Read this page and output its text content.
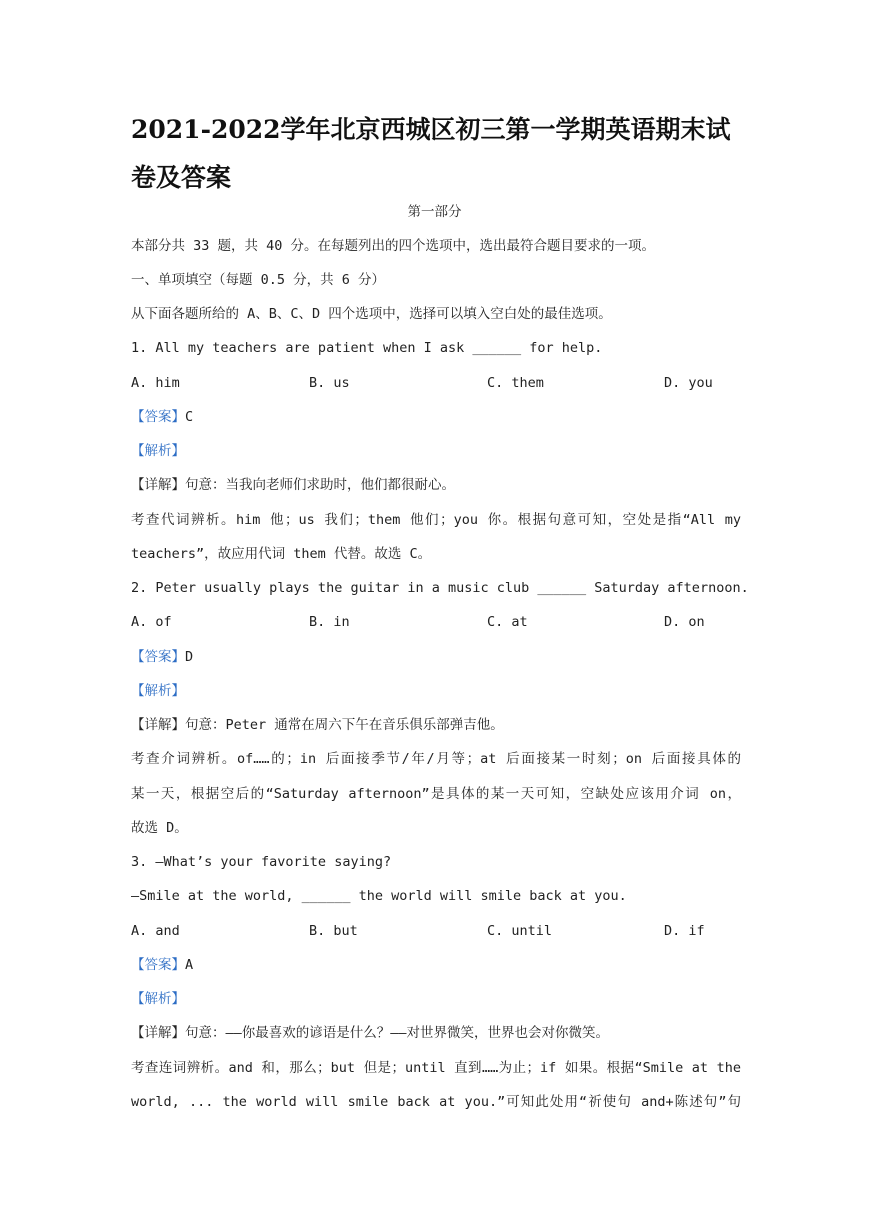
2021-2022学年北京西城区初三第一学期英语期末试卷及答案
第一部分
本部分共 33 题，共 40 分。在每题列出的四个选项中，选出最符合题目要求的一项。
一、单项填空（每题 0.5 分，共 6 分）
从下面各题所给的 A、B、C、D 四个选项中，选择可以填入空白处的最佳选项。
1. All my teachers are patient when I ask ______ for help.
A. him	B. us	C. them	D. you
【答案】C
【解析】
【详解】句意：当我向老师们求助时，他们都很耐心。
考查代词辨析。him 他；us 我们；them 他们；you 你。根据句意可知，空处是指“All my
teachers”，故应用代词 them 代替。故选 C。
2. Peter usually plays the guitar in a music club ______ Saturday afternoon.
A. of	B. in	C. at	D. on
【答案】D
【解析】
【详解】句意：Peter 通常在周六下午在音乐俱乐部弹吉他。
考查介词辨析。of……的；in 后面接季节/年/月等；at 后面接某一时刻；on 后面接具体的
某一天，根据空后的“Saturday afternoon”是具体的某一天可知，空缺处应该用介词 on，
故选 D。
3. —What’s your favorite saying?
—Smile at the world, ______ the world will smile back at you.
A. and	B. but	C. until	D. if
【答案】A
【解析】
【详解】句意：——你最喜欢的谚语是什么？——对世界微笑，世界也会对你微笑。
考查连词辨析。and 和，那么；but 但是；until 直到……为止；if 如果。根据“Smile at the
world, ... the world will smile back at you.”可知此处用“祈使句 and+陈述句”句
